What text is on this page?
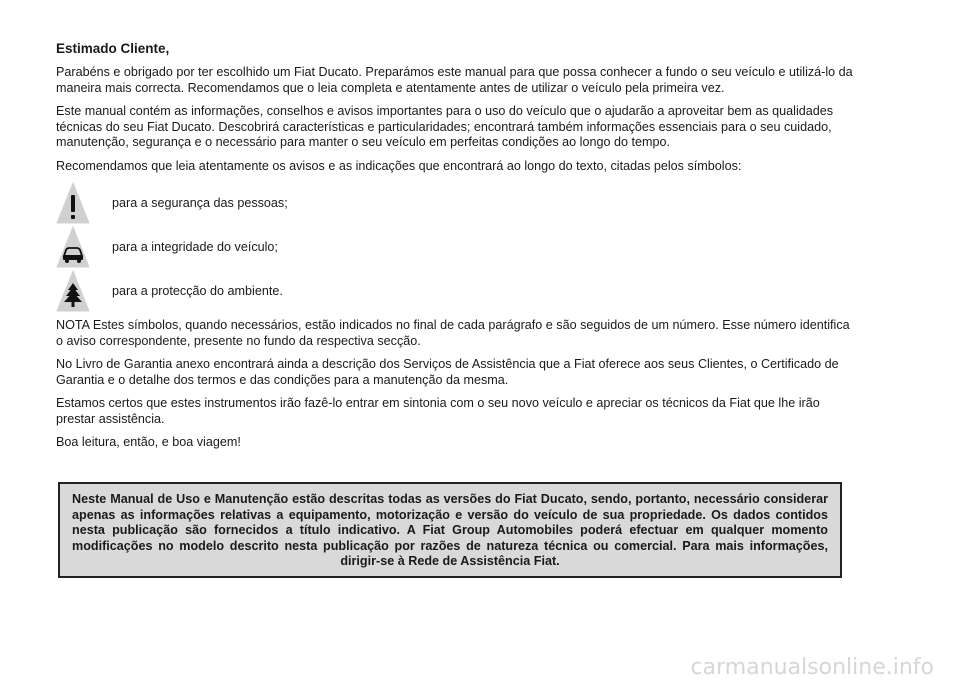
Estimado Cliente,

Parabéns e obrigado por ter escolhido um Fiat Ducato. Preparámos este manual para que possa conhecer a fundo o seu veículo e utilizá-lo da maneira mais correcta. Recomendamos que o leia completa e atentamente antes de utilizar o veículo pela primeira vez.

Este manual contém as informações, conselhos e avisos importantes para o uso do veículo que o ajudarão a aproveitar bem as qualidades técnicas do seu Fiat Ducato. Descobrirá características e particularidades; encontrará também informações essenciais para o seu cuidado, manutenção, segurança e o necessário para manter o seu veículo em perfeitas condições ao longo do tempo.

Recomendamos que leia atentamente os avisos e as indicações que encontrará ao longo do texto, citadas pelos símbolos:

para a segurança das pessoas;
para a integridade do veículo;
para a protecção do ambiente.

NOTA Estes símbolos, quando necessários, estão indicados no final de cada parágrafo e são seguidos de um número. Esse número identifica o aviso correspondente, presente no fundo da respectiva secção.

No Livro de Garantia anexo encontrará ainda a descrição dos Serviços de Assistência que a Fiat oferece aos seus Clientes, o Certificado de Garantia e o detalhe dos termos e das condições para a manutenção da mesma.

Estamos certos que estes instrumentos irão fazê-lo entrar em sintonia com o seu novo veículo e apreciar os técnicos da Fiat que lhe irão prestar assistência.

Boa leitura, então, e boa viagem!

Neste Manual de Uso e Manutenção estão descritas todas as versões do Fiat Ducato, sendo, portanto, necessário considerar apenas as informações relativas a equipamento, motorização e versão do veículo de sua propriedade. Os dados contidos nesta publicação são fornecidos a título indicativo. A Fiat Group Automobiles poderá efectuar em qualquer momento modificações no modelo descrito nesta publicação por razões de natureza técnica ou comercial. Para mais informações, dirigir-se à Rede de Assistência Fiat.

carmanualsonline.info
